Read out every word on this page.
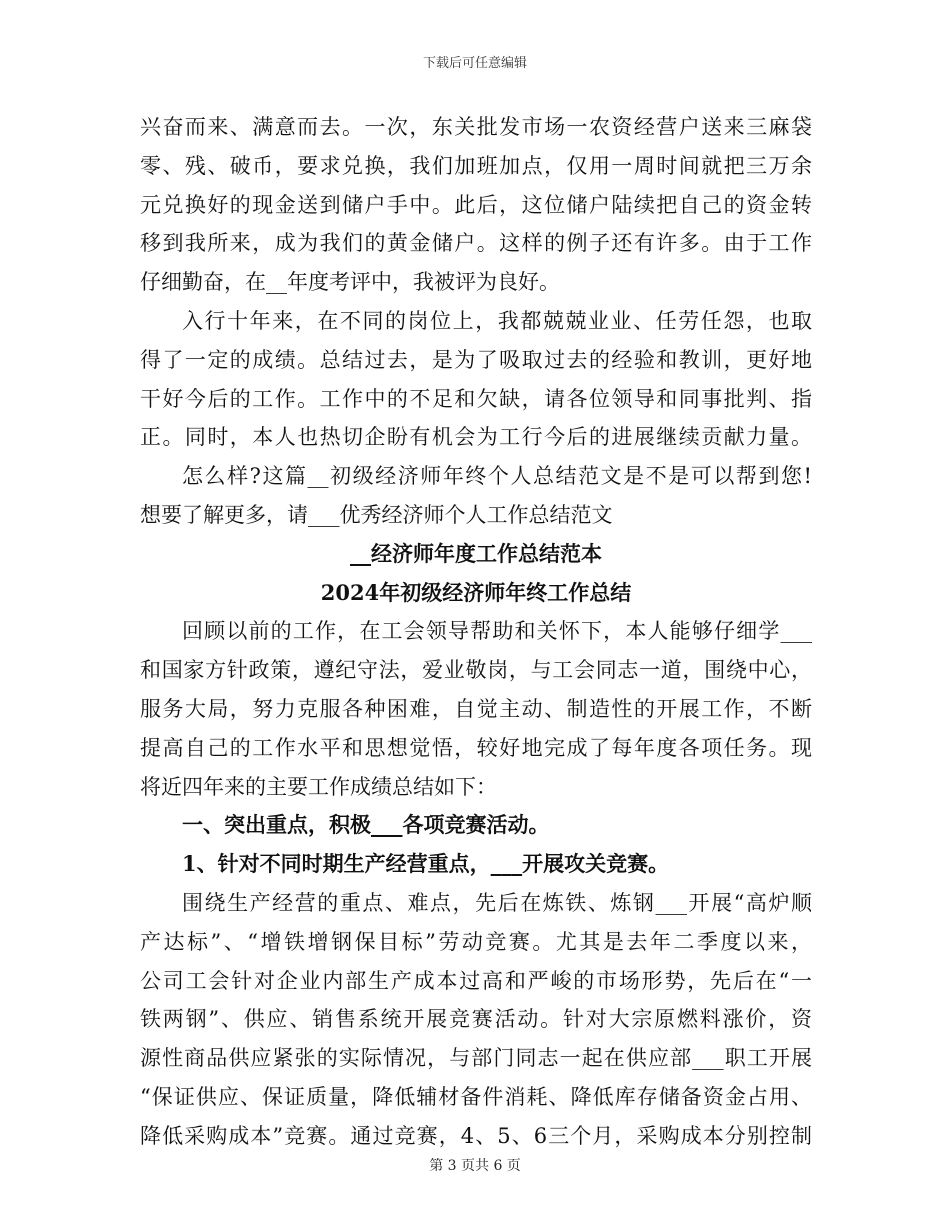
下载后可任意编辑
兴奋而来、满意而去。一次，东关批发市场一农资经营户送来三麻袋
零、残、破币，要求兑换，我们加班加点，仅用一周时间就把三万余
元兑换好的现金送到储户手中。此后，这位储户陆续把自己的资金转
移到我所来，成为我们的黄金储户。这样的例子还有许多。由于工作
仔细勤奋，在__年度考评中，我被评为良好。
入行十年来，在不同的岗位上，我都兢兢业业、任劳任怨，也取
得了一定的成绩。总结过去，是为了吸取过去的经验和教训，更好地
干好今后的工作。工作中的不足和欠缺，请各位领导和同事批判、指
正。同时，本人也热切企盼有机会为工行今后的进展继续贡献力量。
怎么样?这篇__初级经济师年终个人总结范文是不是可以帮到您!
想要了解更多，请___优秀经济师个人工作总结范文
__经济师年度工作总结范本
2024年初级经济师年终工作总结
回顾以前的工作，在工会领导帮助和关怀下，本人能够仔细学___
和国家方针政策，遵纪守法，爱业敬岗，与工会同志一道，围绕中心，
服务大局，努力克服各种困难，自觉主动、制造性的开展工作，不断
提高自己的工作水平和思想觉悟，较好地完成了每年度各项任务。现
将近四年来的主要工作成绩总结如下：
一、突出重点，积极___各项竞赛活动。
1、针对不同时期生产经营重点，___开展攻关竞赛。
围绕生产经营的重点、难点，先后在炼铁、炼钢___开展“高炉顺
产达标”、“增铁增钢保目标”劳动竞赛。尤其是去年二季度以来，
公司工会针对企业内部生产成本过高和严峻的市场形势，先后在“一
铁两钢”、供应、销售系统开展竞赛活动。针对大宗原燃料涨价，资
源性商品供应紧张的实际情况，与部门同志一起在供应部___职工开展
“保证供应、保证质量，降低辅材备件消耗、降低库存储备资金占用、
降低采购成本”竞赛。通过竞赛，4、5、6三个月，采购成本分别控制
第 3 页共 6 页
